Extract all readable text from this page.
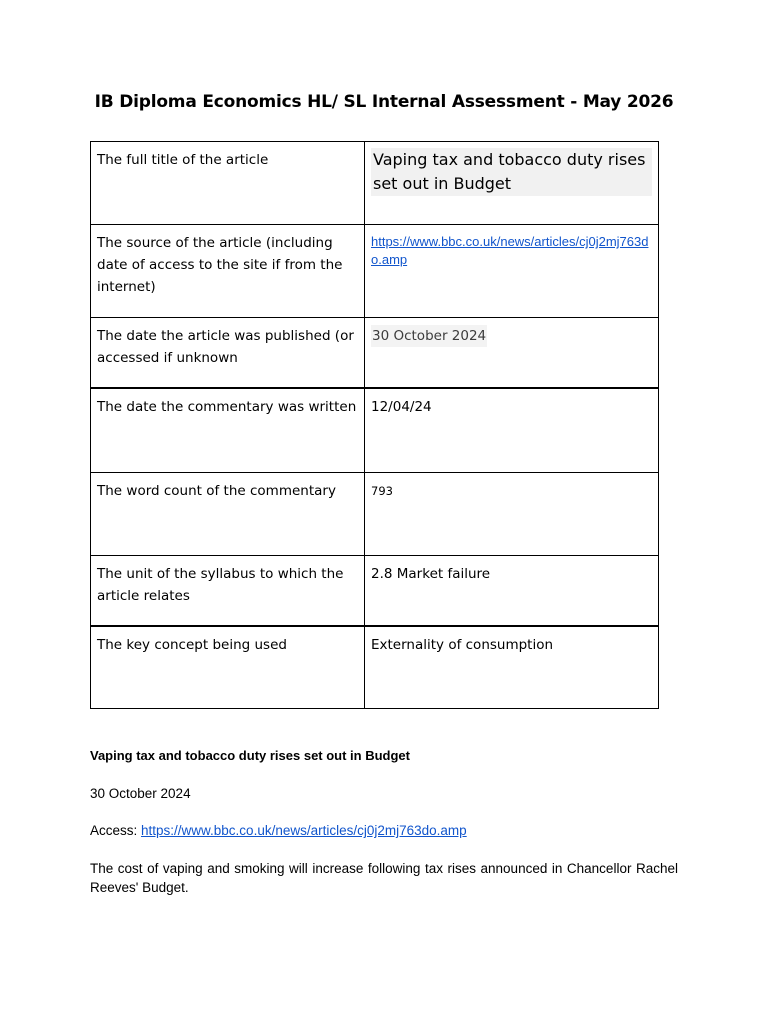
IB Diploma Economics HL/ SL Internal Assessment - May 2026
The full title of the article	Vaping tax and tobacco duty rises set out in Budget

The source of the article (including date of access to the site if from the internet)	https://www.bbc.co.uk/news/articles/cj0j2mj763do.amp

The date the article was published (or accessed if unknown	30 October 2024
The date the commentary was written	12/04/24
The word count of the commentary	793
The unit of the syllabus to which the article relates	2.8 Market failure
The key concept being used	Externality of consumption
Vaping tax and tobacco duty rises set out in Budget
30 October 2024
Access: https://www.bbc.co.uk/news/articles/cj0j2mj763do.amp
The cost of vaping and smoking will increase following tax rises announced in Chancellor Rachel Reeves' Budget.
